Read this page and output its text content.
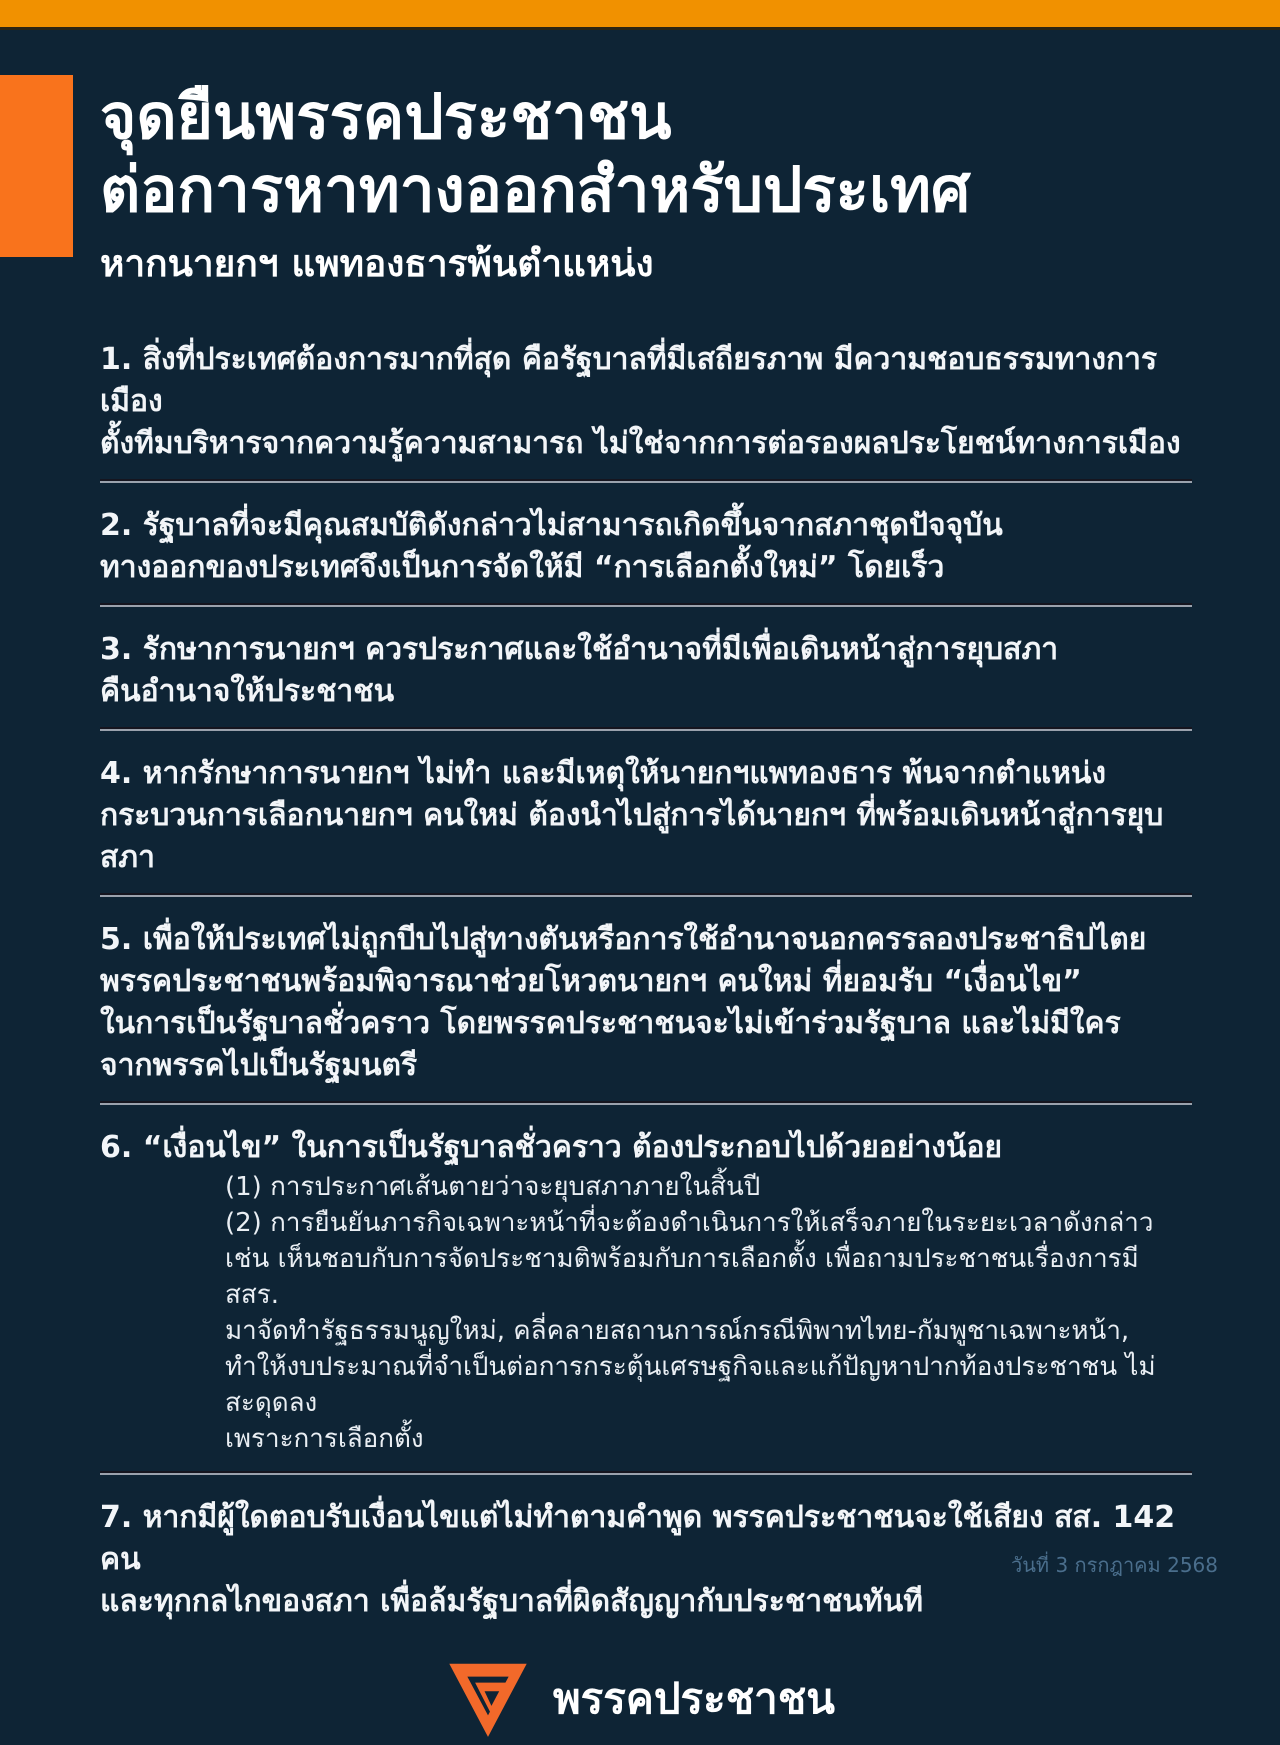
จุดยืนพรรคประชาชน
ต่อการหาทางออกสำหรับประเทศ
หากนายกฯ แพทองธารพ้นตำแหน่ง

1. สิ่งที่ประเทศต้องการมากที่สุด คือรัฐบาลที่มีเสถียรภาพ มีความชอบธรรมทางการเมือง

ตั้งทีมบริหารจากความรู้ความสามารถ ไม่ใช่จากการต่อรองผลประโยชน์ทางการเมือง

2. รัฐบาลที่จะมีคุณสมบัติดังกล่าวไม่สามารถเกิดขึ้นจากสภาชุดปัจจุบัน

ทางออกของประเทศจึงเป็นการจัดให้มี “การเลือกตั้งใหม่” โดยเร็ว

3. รักษาการนายกฯ ควรประกาศและใช้อำนาจที่มีเพื่อเดินหน้าสู่การยุบสภา

คืนอำนาจให้ประชาชน

4. หากรักษาการนายกฯ ไม่ทำ และมีเหตุให้นายกฯแพทองธาร พ้นจากตำแหน่ง

กระบวนการเลือกนายกฯ คนใหม่ ต้องนำไปสู่การได้นายกฯ ที่พร้อมเดินหน้าสู่การยุบสภา

5. เพื่อให้ประเทศไม่ถูกบีบไปสู่ทางตันหรือการใช้อำนาจนอกครรลองประชาธิปไตย

พรรคประชาชนพร้อมพิจารณาช่วยโหวตนายกฯ คนใหม่ ที่ยอมรับ “เงื่อนไข”

ในการเป็นรัฐบาลชั่วคราว โดยพรรคประชาชนจะไม่เข้าร่วมรัฐบาล และไม่มีใคร

จากพรรคไปเป็นรัฐมนตรี

6. “เงื่อนไข” ในการเป็นรัฐบาลชั่วคราว ต้องประกอบไปด้วยอย่างน้อย

(1) การประกาศเส้นตายว่าจะยุบสภาภายในสิ้นปี

(2) การยืนยันภารกิจเฉพาะหน้าที่จะต้องดำเนินการให้เสร็จภายในระยะเวลาดังกล่าว

เช่น เห็นชอบกับการจัดประชามติพร้อมกับการเลือกตั้ง เพื่อถามประชาชนเรื่องการมี สสร.

มาจัดทำรัฐธรรมนูญใหม่, คลี่คลายสถานการณ์กรณีพิพาทไทย-กัมพูชาเฉพาะหน้า,

ทำให้งบประมาณที่จำเป็นต่อการกระตุ้นเศรษฐกิจและแก้ปัญหาปากท้องประชาชน ไม่สะดุดลง

เพราะการเลือกตั้ง

7. หากมีผู้ใดตอบรับเงื่อนไขแต่ไม่ทำตามคำพูด พรรคประชาชนจะใช้เสียง สส. 142 คน

และทุกกลไกของสภา เพื่อล้มรัฐบาลที่ผิดสัญญากับประชาชนทันที

พรรคประชาชน
วันที่ 3 กรกฎาคม 2568
